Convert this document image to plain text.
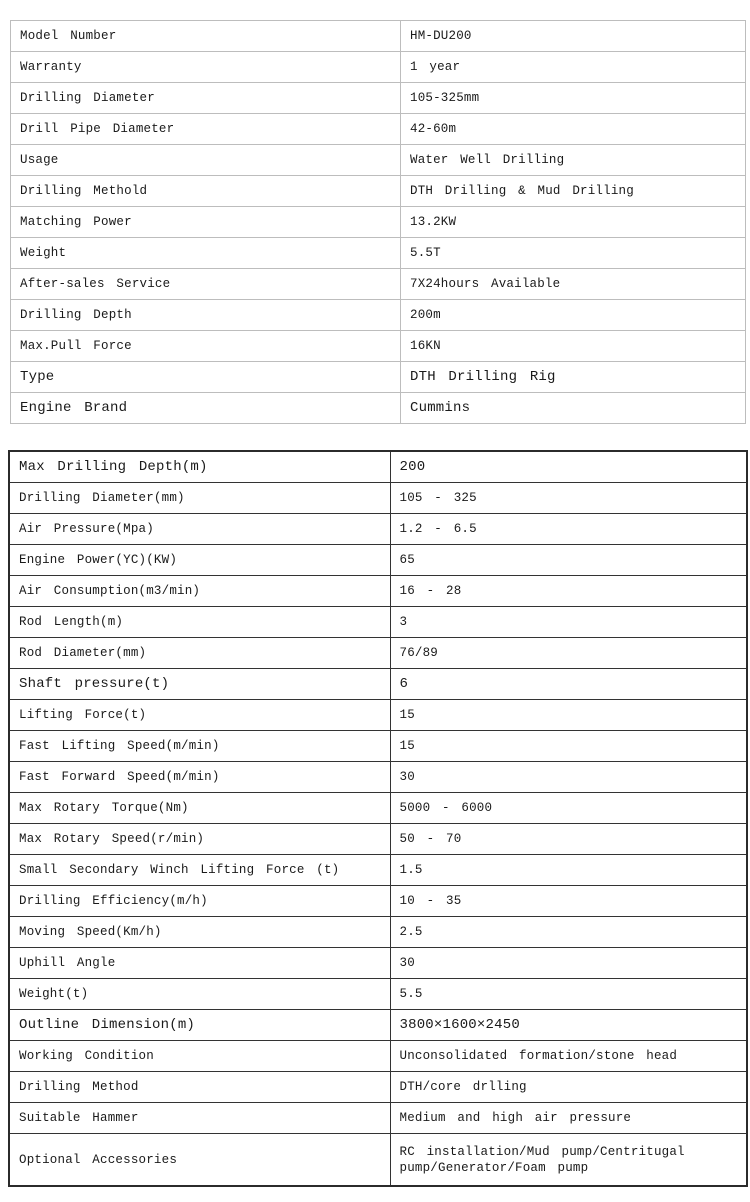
Model Number	HM-DU200
Warranty	1 year
Drilling Diameter	105-325mm
Drill Pipe Diameter	42-60m
Usage	Water Well Drilling
Drilling Methold	DTH Drilling & Mud Drilling
Matching Power	13.2KW
Weight	5.5T
After-sales Service	7X24hours Available
Drilling Depth	200m
Max.Pull Force	16KN
Type	DTH Drilling Rig
Engine Brand	Cummins
Max Drilling Depth(m)	200
Drilling Diameter(mm)	105 - 325
Air Pressure(Mpa)	1.2 - 6.5
Engine Power(YC)(KW)	65
Air Consumption(m3/min)	16 - 28
Rod Length(m)	3
Rod Diameter(mm)	76/89
Shaft pressure(t)	6
Lifting Force(t)	15
Fast Lifting Speed(m/min)	15
Fast Forward Speed(m/min)	30
Max Rotary Torque(Nm)	5000 - 6000
Max Rotary Speed(r/min)	50 - 70
Small Secondary Winch Lifting Force (t)	1.5
Drilling Efficiency(m/h)	10 - 35
Moving Speed(Km/h)	2.5
Uphill Angle	30
Weight(t)	5.5
Outline Dimension(m)	3800×1600×2450
Working Condition	Unconsolidated formation/stone head
Drilling Method	DTH/core drlling
Suitable Hammer	Medium and high air pressure
Optional Accessories	RC installation/Mud pump/Centritugal pump/Generator/Foam pump
